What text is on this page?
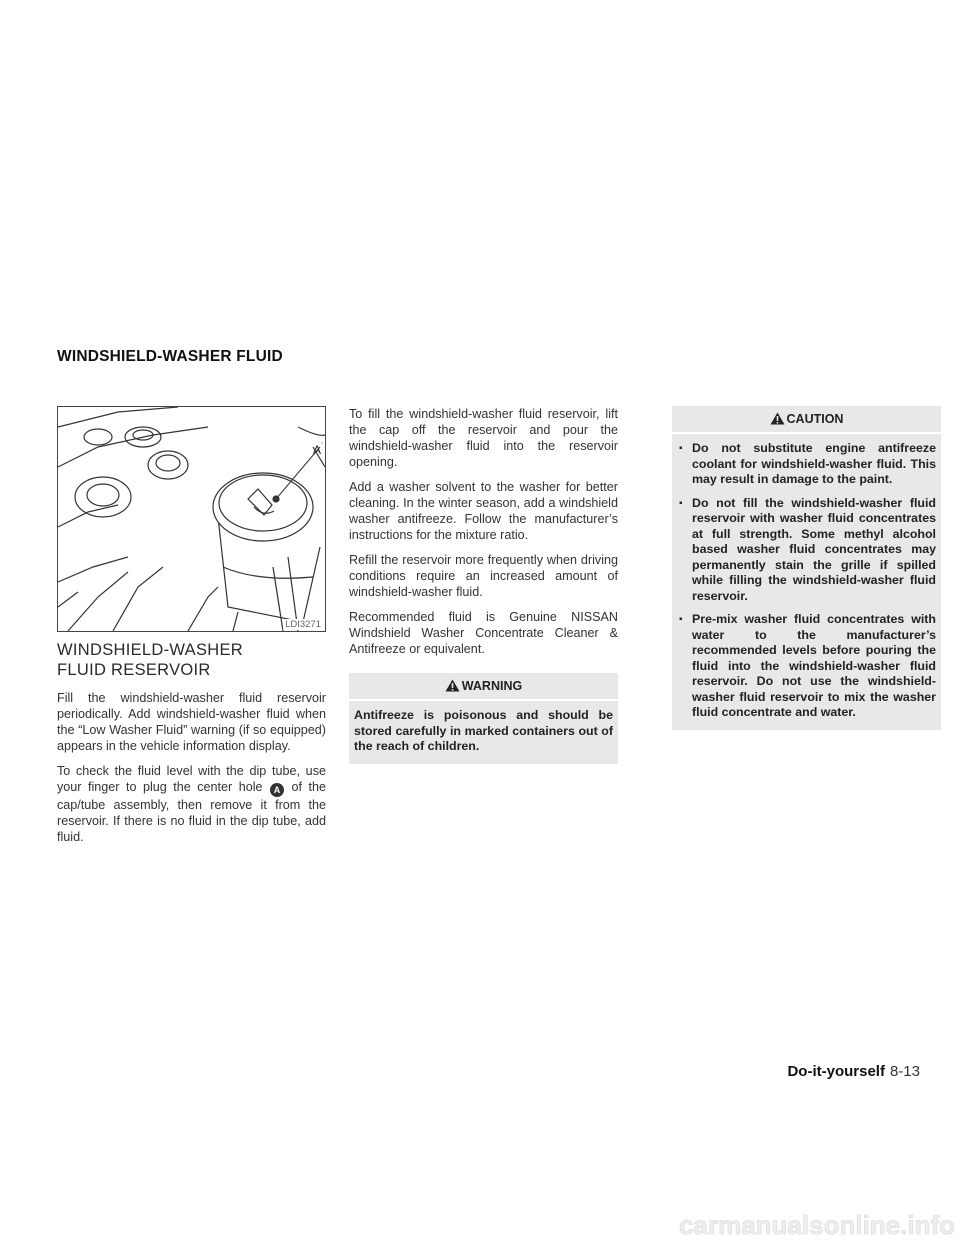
WINDSHIELD-WASHER FLUID
A
LDI3271
WINDSHIELD-WASHER FLUID RESERVOIR

Fill the windshield-washer fluid reservoir periodically. Add windshield-washer fluid when the “Low Washer Fluid” warning (if so equipped) appears in the vehicle information display.

To check the fluid level with the dip tube, use your finger to plug the center hole A of the cap/tube assembly, then remove it from the reservoir. If there is no fluid in the dip tube, add fluid.

To fill the windshield-washer fluid reservoir, lift the cap off the reservoir and pour the windshield-washer fluid into the reservoir opening.

Add a washer solvent to the washer for better cleaning. In the winter season, add a windshield washer antifreeze. Follow the manufacturer’s instructions for the mixture ratio.

Refill the reservoir more frequently when driving conditions require an increased amount of windshield-washer fluid.

Recommended fluid is Genuine NISSAN Windshield Washer Concentrate Cleaner & Antifreeze or equivalent.

WARNING

Antifreeze is poisonous and should be stored carefully in marked containers out of the reach of children.

CAUTION
▪ Do not substitute engine antifreeze coolant for windshield-washer fluid. This may result in damage to the paint.
▪ Do not fill the windshield-washer fluid reservoir with washer fluid concentrates at full strength. Some methyl alcohol based washer fluid concentrates may permanently stain the grille if spilled while filling the windshield-washer fluid reservoir.
▪ Pre-mix washer fluid concentrates with water to the manufacturer’s recommended levels before pouring the fluid into the windshield-washer fluid reservoir. Do not use the windshield-washer fluid reservoir to mix the washer fluid concentrate and water.
Do-it-yourself 8-13
carmanualsonline.info
